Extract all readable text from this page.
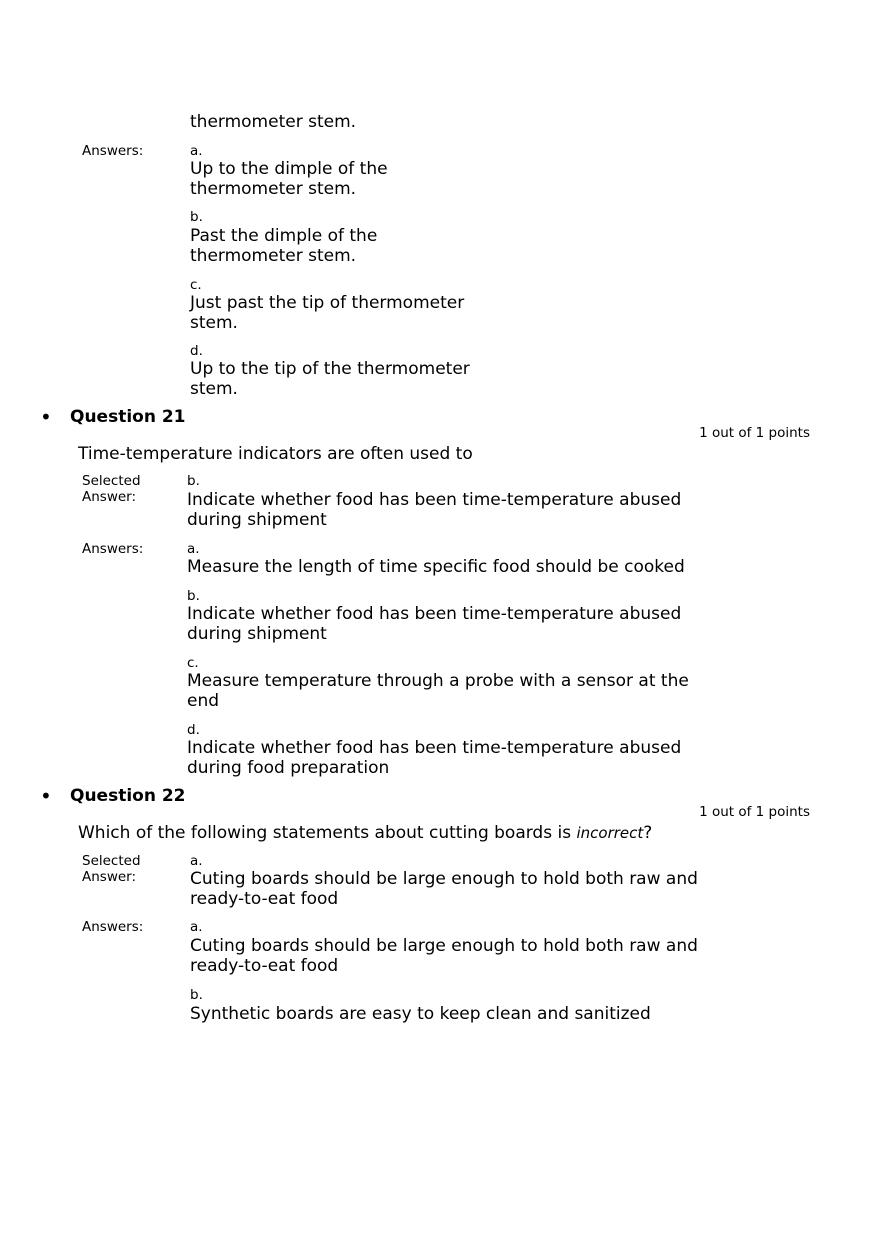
thermometer stem.
Answers:	a.
Up to the dimple of the
thermometer stem.
b.
Past the dimple of the
thermometer stem.
c.
Just past the tip of thermometer
stem.
d.
Up to the tip of the thermometer
stem.
• Question 21
1 out of 1 points
Time-temperature indicators are often used to
Selected
Answer:
b.
Indicate whether food has been time-temperature abused
during shipment
Answers:	a.
Measure the length of time specific food should be cooked
b.
Indicate whether food has been time-temperature abused
during shipment
c.
Measure temperature through a probe with a sensor at the
end
d.
Indicate whether food has been time-temperature abused
during food preparation
• Question 22
1 out of 1 points
Which of the following statements about cutting boards is incorrect?
Selected
Answer:
a.
Cuting boards should be large enough to hold both raw and
ready-to-eat food
Answers:	a.
Cuting boards should be large enough to hold both raw and
ready-to-eat food
b.
Synthetic boards are easy to keep clean and sanitized
